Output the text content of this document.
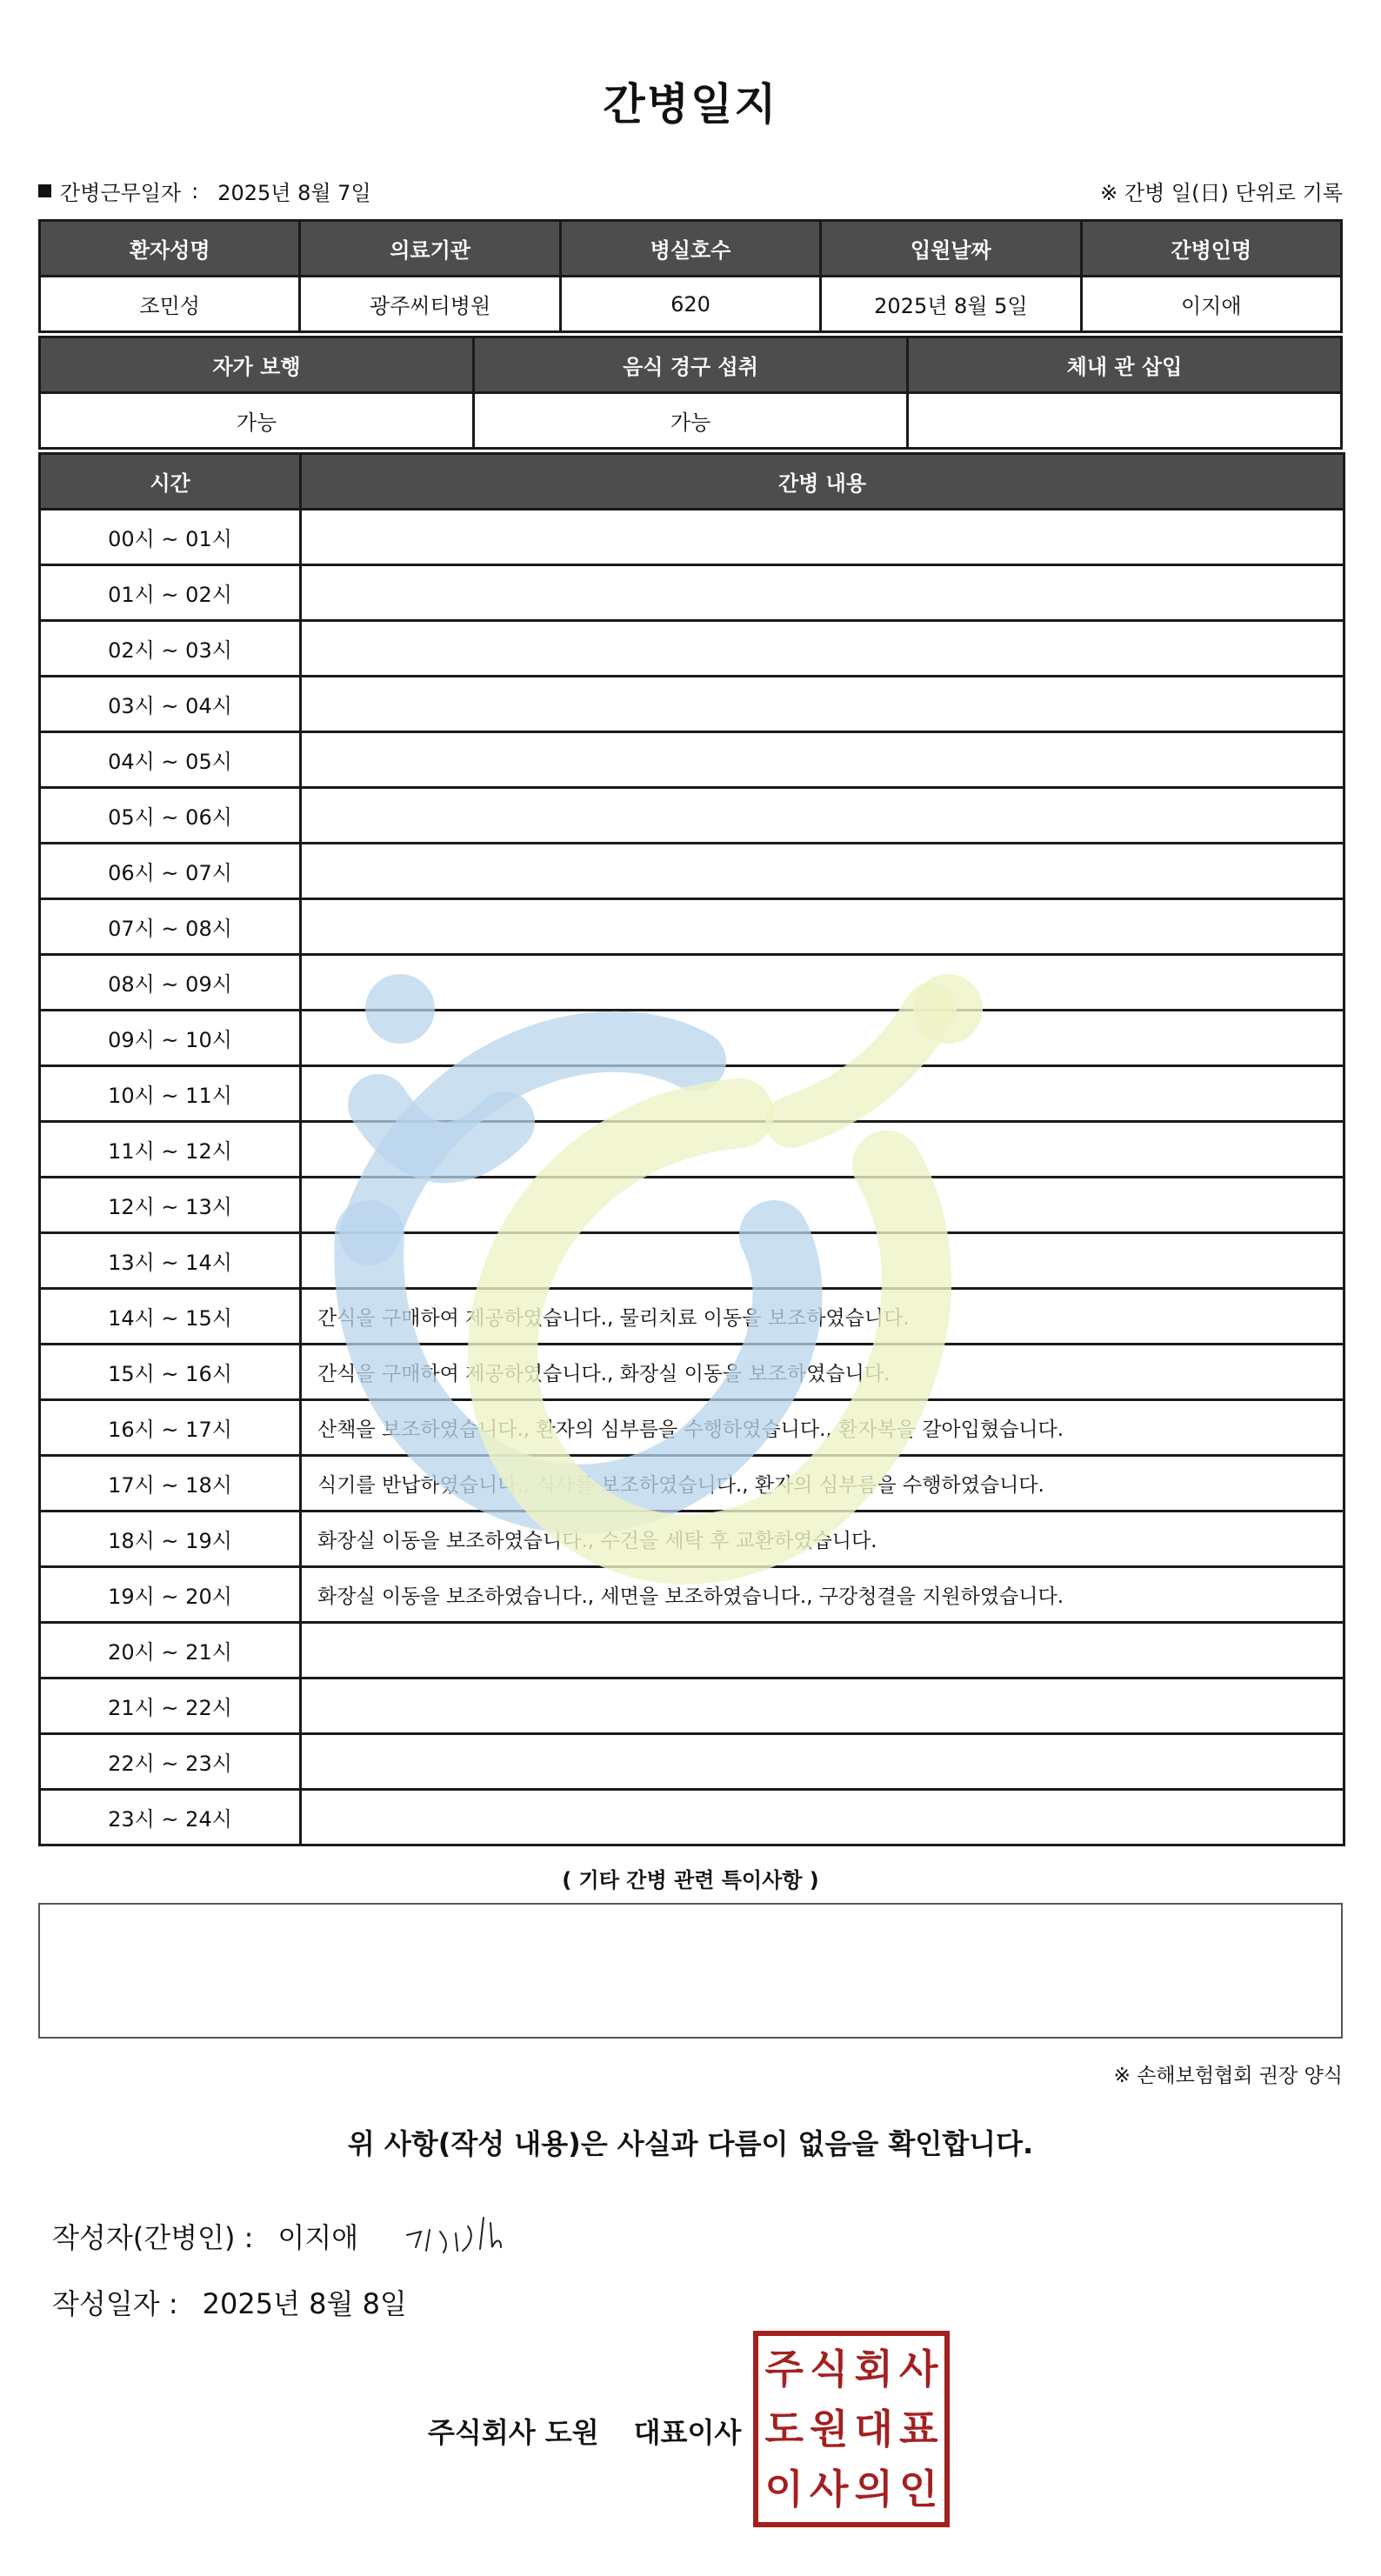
간병일지
간병근무일자 : 2025년 8월 7일	※ 간병 일(日) 단위로 기록
환자성명	의료기관	병실호수	입원날짜	간병인명
조민성	광주씨티병원	620	2025년 8월 5일	이지애
자가 보행	음식 경구 섭취	체내 관 삽입
가능	가능	
시간	간병 내용
00시 ~ 01시	
01시 ~ 02시	
02시 ~ 03시	
03시 ~ 04시	
04시 ~ 05시	
05시 ~ 06시	
06시 ~ 07시	
07시 ~ 08시	
08시 ~ 09시	
09시 ~ 10시	
10시 ~ 11시	
11시 ~ 12시	
12시 ~ 13시	
13시 ~ 14시	
14시 ~ 15시	간식을 구매하여 제공하였습니다., 물리치료 이동을 보조하였습니다.
15시 ~ 16시	간식을 구매하여 제공하였습니다., 화장실 이동을 보조하였습니다.
16시 ~ 17시	산책을 보조하였습니다., 환자의 심부름을 수행하였습니다., 환자복을 갈아입혔습니다.
17시 ~ 18시	식기를 반납하였습니다., 식사를 보조하였습니다., 환자의 심부름을 수행하였습니다.
18시 ~ 19시	화장실 이동을 보조하였습니다., 수건을 세탁 후 교환하였습니다.
19시 ~ 20시	화장실 이동을 보조하였습니다., 세면을 보조하였습니다., 구강청결을 지원하였습니다.
20시 ~ 21시	
21시 ~ 22시	
22시 ~ 23시	
23시 ~ 24시	
( 기타 간병 관련 특이사항 )
※ 손해보험협회 권장 양식
위 사항(작성 내용)은 사실과 다름이 없음을 확인합니다.
작성자(간병인) : 이지애
작성일자 : 2025년 8월 8일
주식회사 도원 대표이사
주 식 회 사
도 원 대 표
이 사 의 인
